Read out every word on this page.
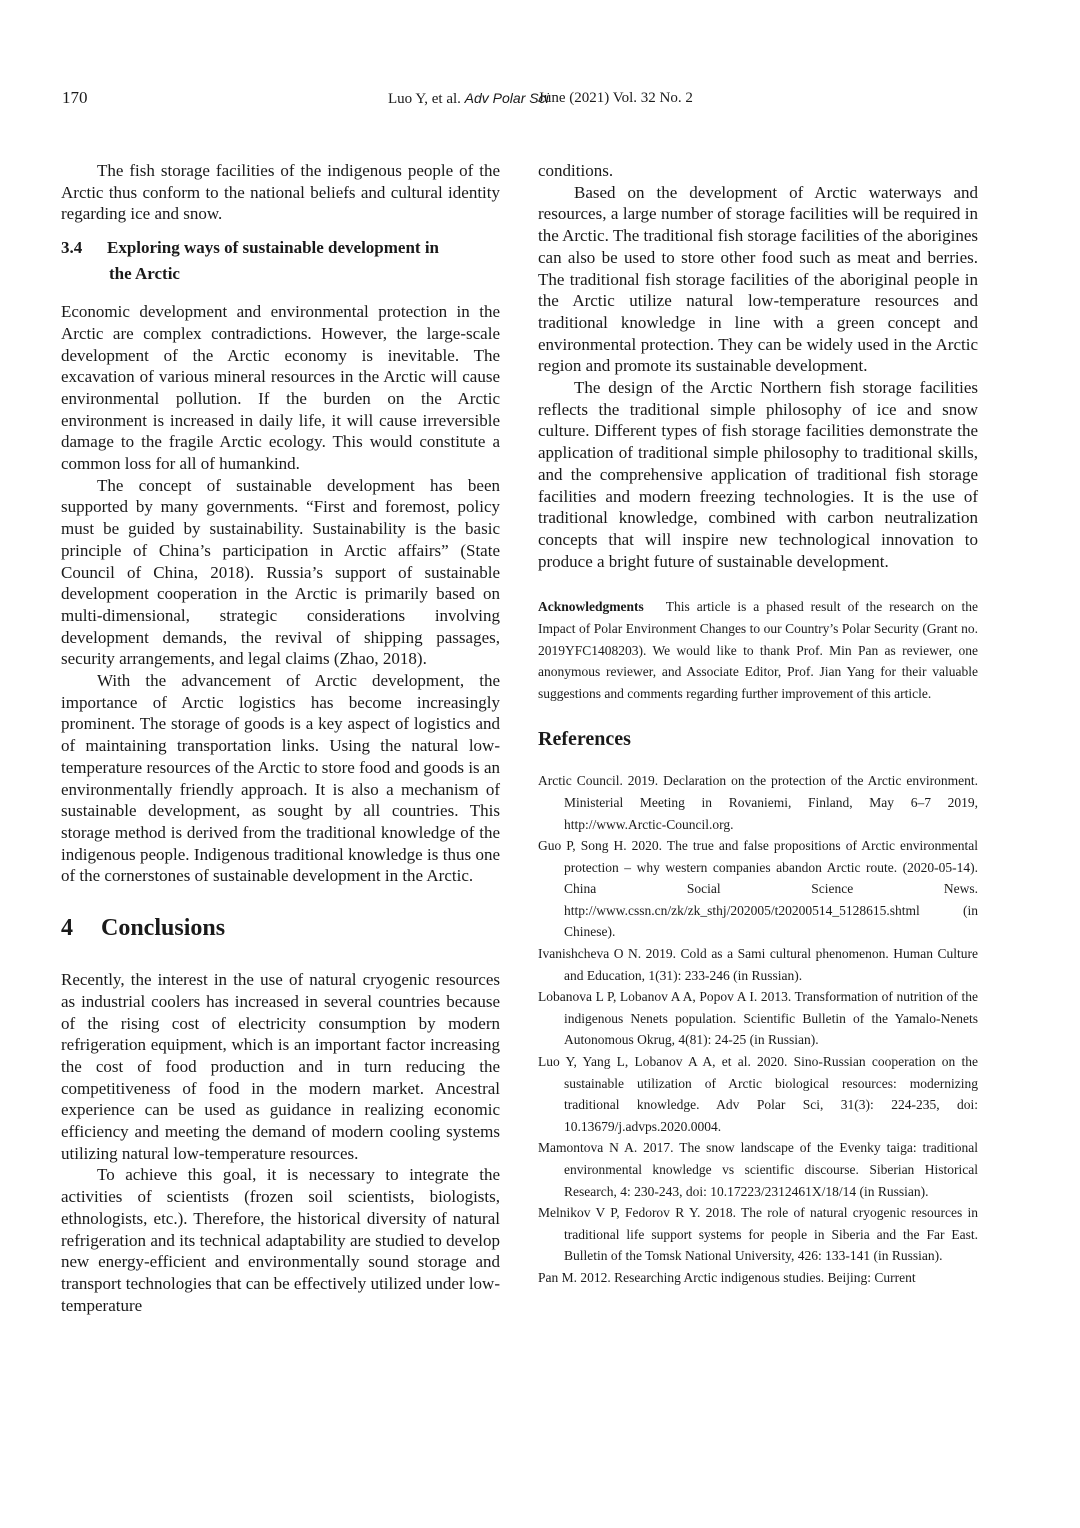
170	Luo Y, et al. Adv Polar Sci
June (2021) Vol. 32 No. 2

The fish storage facilities of the indigenous people of the Arctic thus conform to the national beliefs and cultural identity regarding ice and snow.

3.4 Exploring ways of sustainable development in
the Arctic

Economic development and environmental protection in the Arctic are complex contradictions. However, the large-scale development of the Arctic economy is inevitable. The excavation of various mineral resources in the Arctic will cause environmental pollution. If the burden on the Arctic environment is increased in daily life, it will cause irreversible damage to the fragile Arctic ecology. This would constitute a common loss for all of humankind.

The concept of sustainable development has been supported by many governments. “First and foremost, policy must be guided by sustainability. Sustainability is the basic principle of China’s participation in Arctic affairs” (State Council of China, 2018). Russia’s support of sustainable development cooperation in the Arctic is primarily based on multi-dimensional, strategic considerations involving development demands, the revival of shipping passages, security arrangements, and legal claims (Zhao, 2018).

With the advancement of Arctic development, the importance of Arctic logistics has become increasingly prominent. The storage of goods is a key aspect of logistics and of maintaining transportation links. Using the natural low-temperature resources of the Arctic to store food and goods is an environmentally friendly approach. It is also a mechanism of sustainable development, as sought by all countries. This storage method is derived from the traditional knowledge of the indigenous people. Indigenous traditional knowledge is thus one of the cornerstones of sustainable development in the Arctic.

4 Conclusions

Recently, the interest in the use of natural cryogenic resources as industrial coolers has increased in several countries because of the rising cost of electricity consumption by modern refrigeration equipment, which is an important factor increasing the cost of food production and in turn reducing the competitiveness of food in the modern market. Ancestral experience can be used as guidance in realizing economic efficiency and meeting the demand of modern cooling systems utilizing natural low-temperature resources.

To achieve this goal, it is necessary to integrate the activities of scientists (frozen soil scientists, biologists, ethnologists, etc.). Therefore, the historical diversity of natural refrigeration and its technical adaptability are studied to develop new energy-efficient and environmentally sound storage and transport technologies that can be effectively utilized under low-temperature

conditions.

Based on the development of Arctic waterways and resources, a large number of storage facilities will be required in the Arctic. The traditional fish storage facilities of the aborigines can also be used to store other food such as meat and berries. The traditional fish storage facilities of the aboriginal people in the Arctic utilize natural low-temperature resources and traditional knowledge in line with a green concept and environmental protection. They can be widely used in the Arctic region and promote its sustainable development.

The design of the Arctic Northern fish storage facilities reflects the traditional simple philosophy of ice and snow culture. Different types of fish storage facilities demonstrate the application of traditional simple philosophy to traditional skills, and the comprehensive application of traditional fish storage facilities and modern freezing technologies. It is the use of traditional knowledge, combined with carbon neutralization concepts that will inspire new technological innovation to produce a bright future of sustainable development.

Acknowledgments This article is a phased result of the research on the Impact of Polar Environment Changes to our Country’s Polar Security (Grant no. 2019YFC1408203). We would like to thank Prof. Min Pan as reviewer, one anonymous reviewer, and Associate Editor, Prof. Jian Yang for their valuable suggestions and comments regarding further improvement of this article.
References
Arctic Council. 2019. Declaration on the protection of the Arctic environment. Ministerial Meeting in Rovaniemi, Finland, May 6–7 2019, http://www.Arctic-Council.org.
Guo P, Song H. 2020. The true and false propositions of Arctic environmental protection – why western companies abandon Arctic route. (2020-05-14). China Social Science News. http://www.cssn.cn/zk/zk_sthj/202005/t20200514_5128615.shtml (in Chinese).
Ivanishcheva O N. 2019. Cold as a Sami cultural phenomenon. Human Culture and Education, 1(31): 233-246 (in Russian).
Lobanova L P, Lobanov A A, Popov A I. 2013. Transformation of nutrition of the indigenous Nenets population. Scientific Bulletin of the Yamalo-Nenets Autonomous Okrug, 4(81): 24-25 (in Russian).
Luo Y, Yang L, Lobanov A A, et al. 2020. Sino-Russian cooperation on the sustainable utilization of Arctic biological resources: modernizing traditional knowledge. Adv Polar Sci, 31(3): 224-235, doi: 10.13679/j.advps.2020.0004.
Mamontova N A. 2017. The snow landscape of the Evenky taiga: traditional environmental knowledge vs scientific discourse. Siberian Historical Research, 4: 230-243, doi: 10.17223/2312461X/18/14 (in Russian).
Melnikov V P, Fedorov R Y. 2018. The role of natural cryogenic resources in traditional life support systems for people in Siberia and the Far East. Bulletin of the Tomsk National University, 426: 133-141 (in Russian).
Pan M. 2012. Researching Arctic indigenous studies. Beijing: Current
